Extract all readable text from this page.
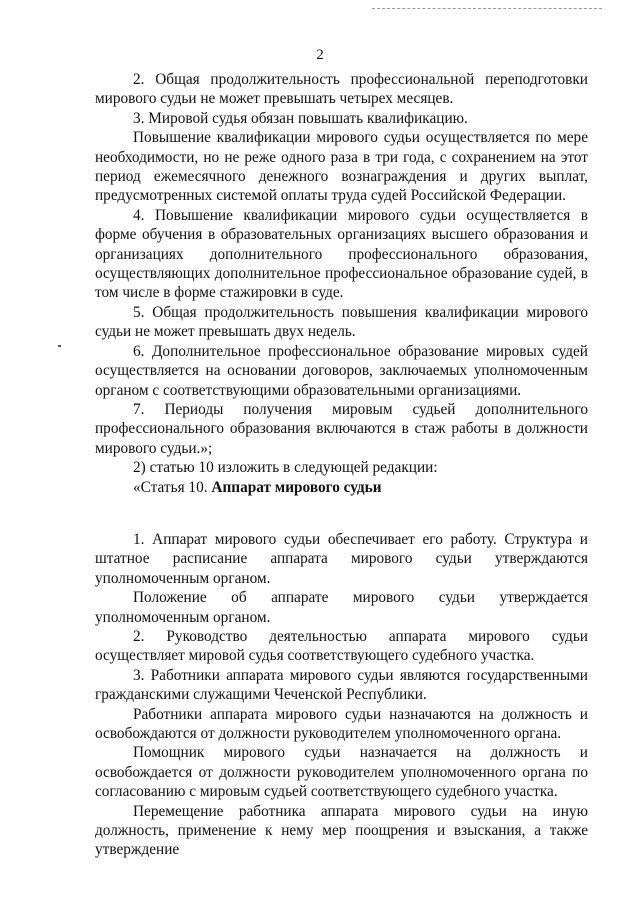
2

2. Общая продолжительность профессиональной переподготовки мирового судьи не может превышать четырех месяцев.

3. Мировой судья обязан повышать квалификацию.

Повышение квалификации мирового судьи осуществляется по мере необходимости, но не реже одного раза в три года, с сохранением на этот период ежемесячного денежного вознаграждения и других выплат, предусмотренных системой оплаты труда судей Российской Федерации.

4. Повышение квалификации мирового судьи осуществляется в форме обучения в образовательных организациях высшего образования и организациях дополнительного профессионального образования, осуществляющих дополнительное профессиональное образование судей, в том числе в форме стажировки в суде.

5. Общая продолжительность повышения квалификации мирового судьи не может превышать двух недель.

6. Дополнительное профессиональное образование мировых судей осуществляется на основании договоров, заключаемых уполномоченным органом с соответствующими образовательными организациями.

7. Периоды получения мировым судьей дополнительного профессионального образования включаются в стаж работы в должности мирового судьи.»;

2) статью 10 изложить в следующей редакции:

«Статья 10. Аппарат мирового судьи

1. Аппарат мирового судьи обеспечивает его работу. Структура и штатное расписание аппарата мирового судьи утверждаются уполномоченным органом.

Положение об аппарате мирового судьи утверждается уполномоченным органом.

2. Руководство деятельностью аппарата мирового судьи осуществляет мировой судья соответствующего судебного участка.

3. Работники аппарата мирового судьи являются государственными гражданскими служащими Чеченской Республики.

Работники аппарата мирового судьи назначаются на должность и освобождаются от должности руководителем уполномоченного органа.

Помощник мирового судьи назначается на должность и освобождается от должности руководителем уполномоченного органа по согласованию с мировым судьей соответствующего судебного участка.

Перемещение работника аппарата мирового судьи на иную должность, применение к нему мер поощрения и взыскания, а также утверждение
